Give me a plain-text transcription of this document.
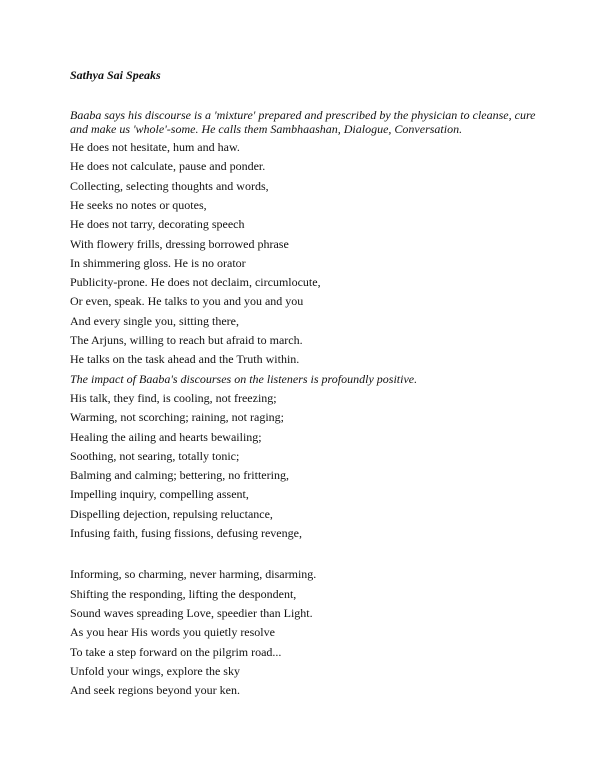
Sathya Sai Speaks
Baaba says his discourse is a 'mixture' prepared and prescribed by the physician to cleanse, cure
and make us 'whole'-some. He calls them Sambhaashan, Dialogue, Conversation.
He does not hesitate, hum and haw.
He does not calculate, pause and ponder.
Collecting, selecting thoughts and words,
He seeks no notes or quotes,
He does not tarry, decorating speech
With flowery frills, dressing borrowed phrase
In shimmering gloss. He is no orator
Publicity-prone. He does not declaim, circumlocute,
Or even, speak. He talks to you and you and you
And every single you, sitting there,
The Arjuns, willing to reach but afraid to march.
He talks on the task ahead and the Truth within.
The impact of Baaba's discourses on the listeners is profoundly positive.
His talk, they find, is cooling, not freezing;
Warming, not scorching; raining, not raging;
Healing the ailing and hearts bewailing;
Soothing, not searing, totally tonic;
Balming and calming; bettering, no frittering,
Impelling inquiry, compelling assent,
Dispelling dejection, repulsing reluctance,
Infusing faith, fusing fissions, defusing revenge,
Informing, so charming, never harming, disarming.
Shifting the responding, lifting the despondent,
Sound waves spreading Love, speedier than Light.
As you hear His words you quietly resolve
To take a step forward on the pilgrim road...
Unfold your wings, explore the sky
And seek regions beyond your ken.
